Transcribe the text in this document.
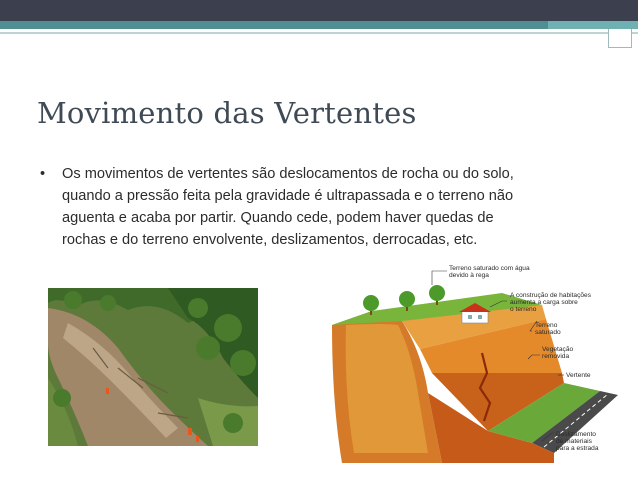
Movimento das Vertentes
•	Os movimentos de vertentes são deslocamentos de rocha ou do solo, quando a pressão feita pela gravidade é ultrapassada e o terreno não aguenta e acaba por partir. Quando cede, podem haver quedas de rochas e do terreno envolvente, deslizamentos, derrocadas, etc.

Terreno saturado com água
devido à rega
A construção de habitações
aumenta a carga sobre
o terreno
Terreno
saturado
Vegetação
removida
Vertente
Deslizamento
de materiais
para a estrada
